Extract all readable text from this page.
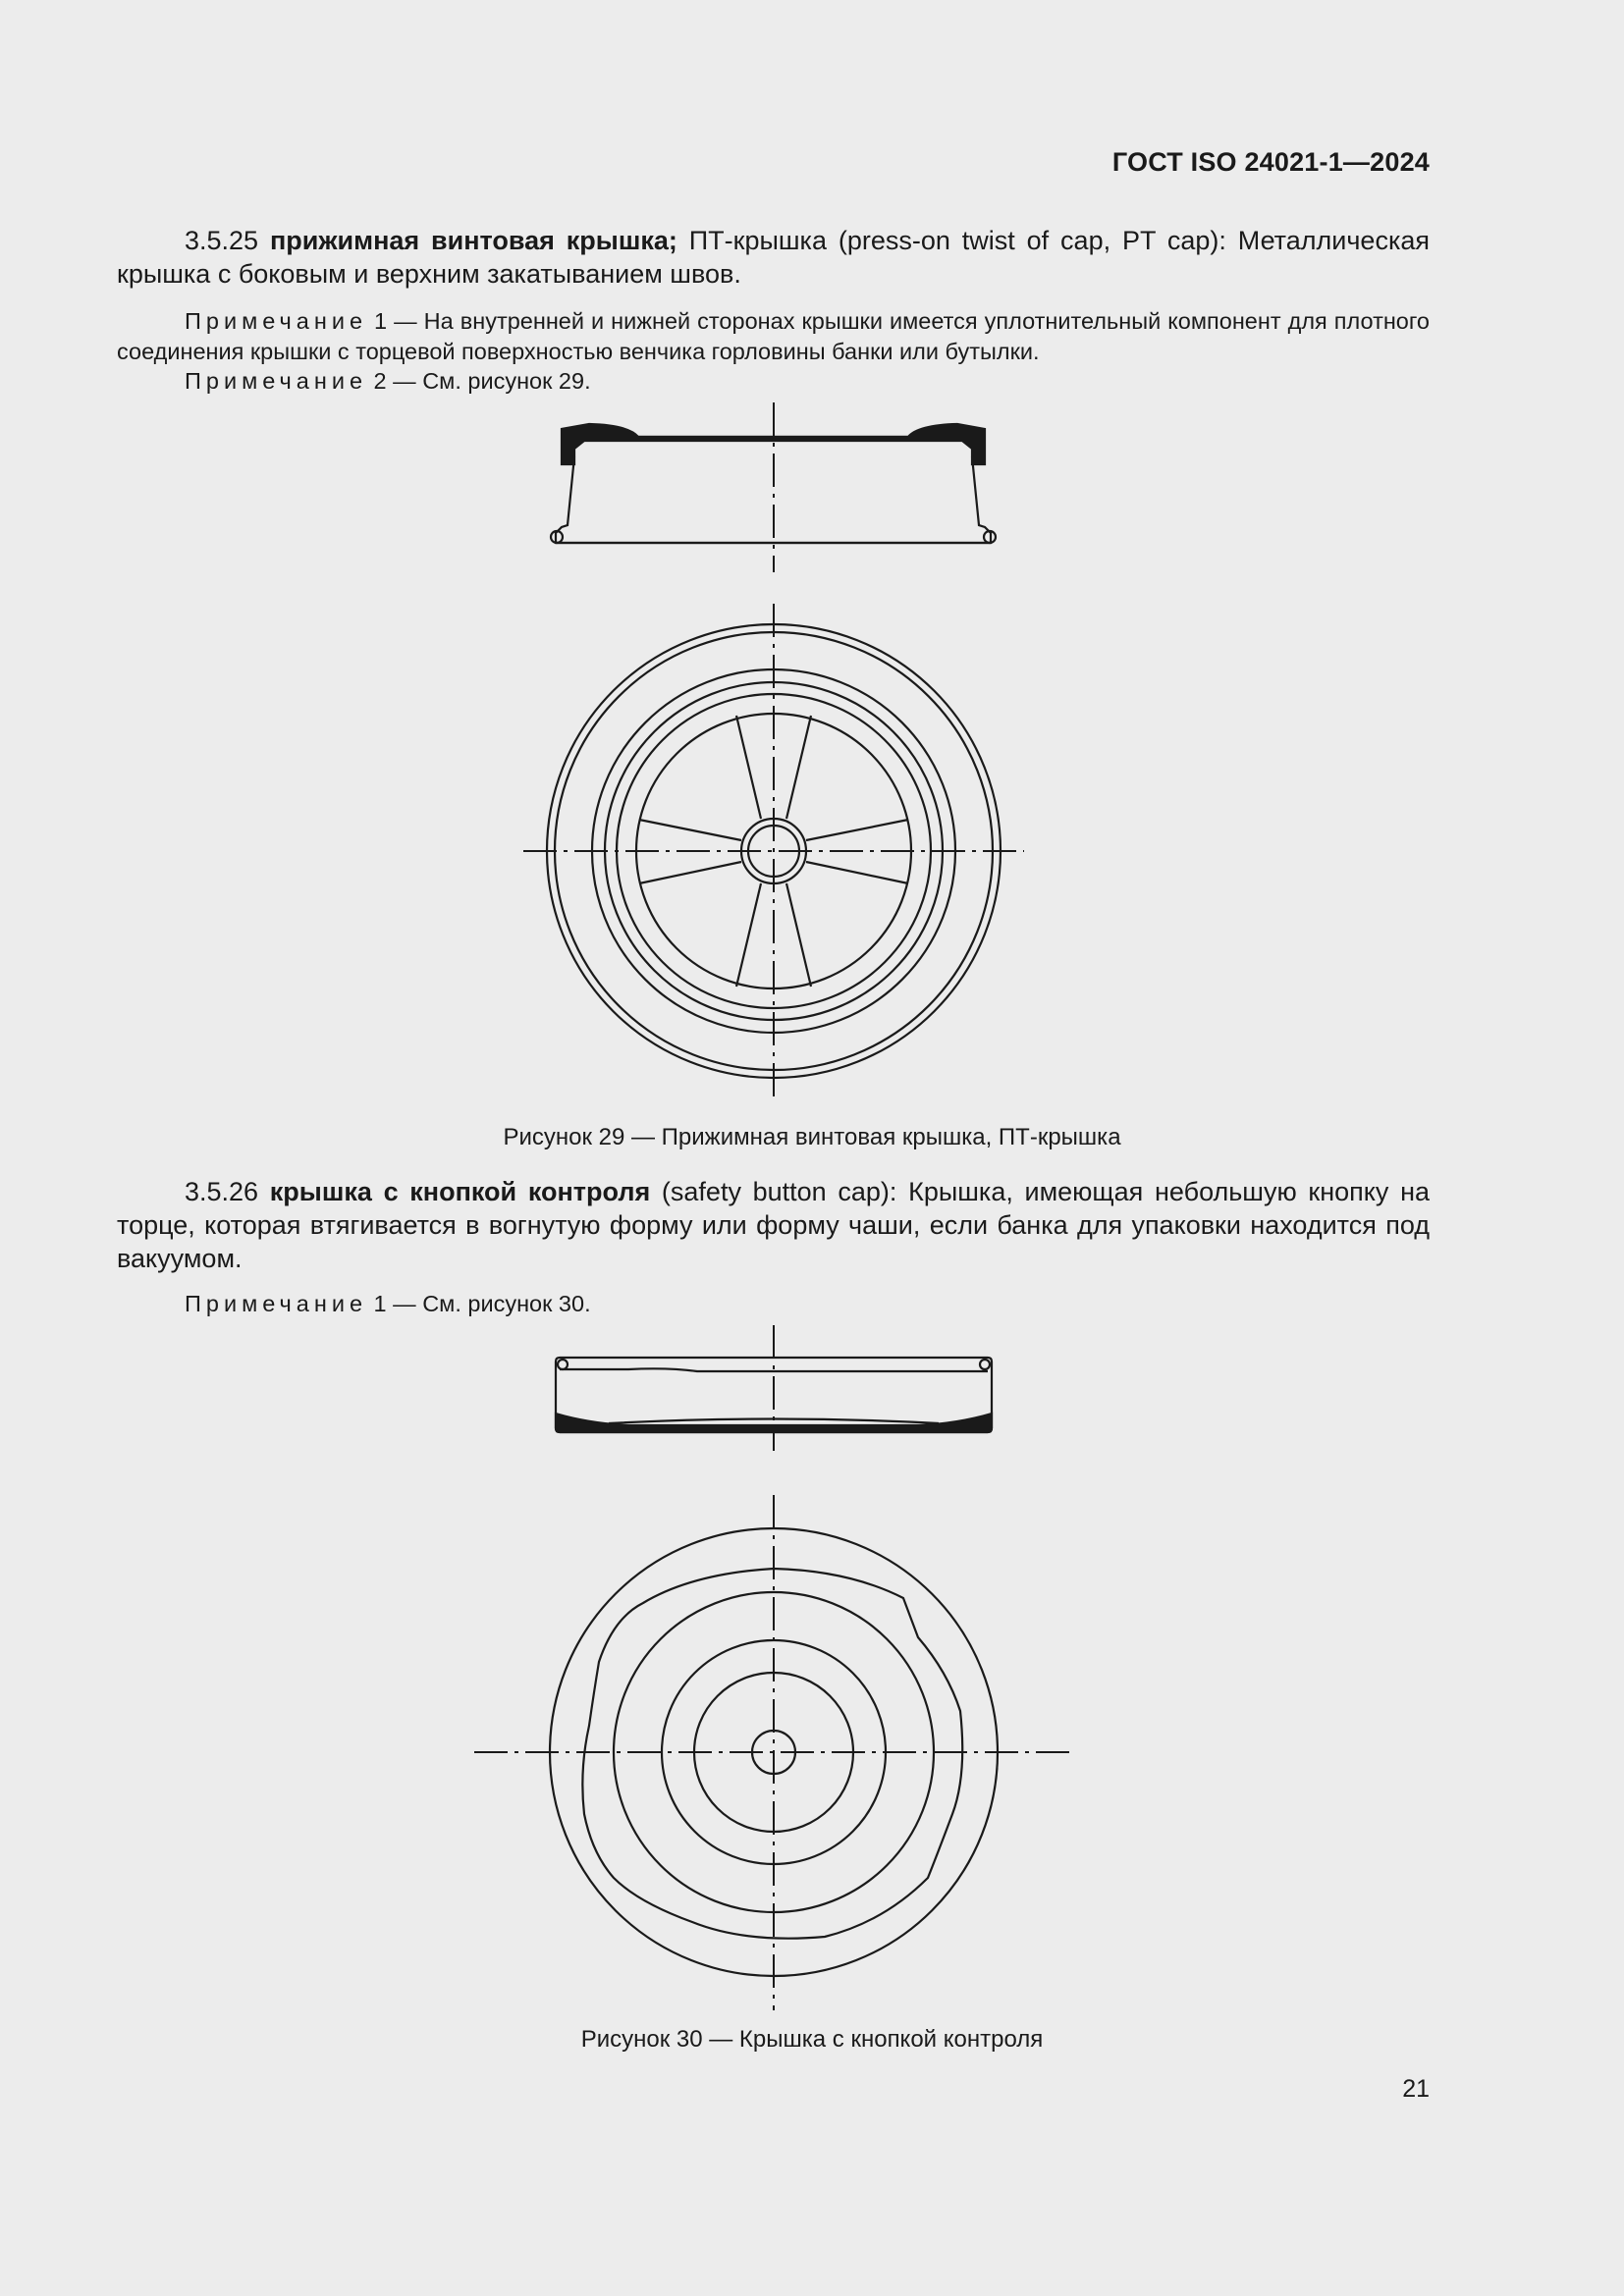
ГОСТ ISO 24021-1—2024
3.5.25 прижимная винтовая крышка; ПТ-крышка (press-on twist of cap, PT cap): Металлическая крышка с боковым и верхним закатыванием швов.
Примечание 1 — На внутренней и нижней сторонах крышки имеется уплотнительный компонент для плотного соединения крышки с торцевой поверхностью венчика горловины банки или бутылки.
Примечание 2 — См. рисунок 29.
Рисунок 29 — Прижимная винтовая крышка, ПТ-крышка
3.5.26 крышка с кнопкой контроля (safety button cap): Крышка, имеющая небольшую кнопку на торце, которая втягивается в вогнутую форму или форму чаши, если банка для упаковки находится под вакуумом.
Примечание 1 — См. рисунок 30.
Рисунок 30 — Крышка с кнопкой контроля
21
